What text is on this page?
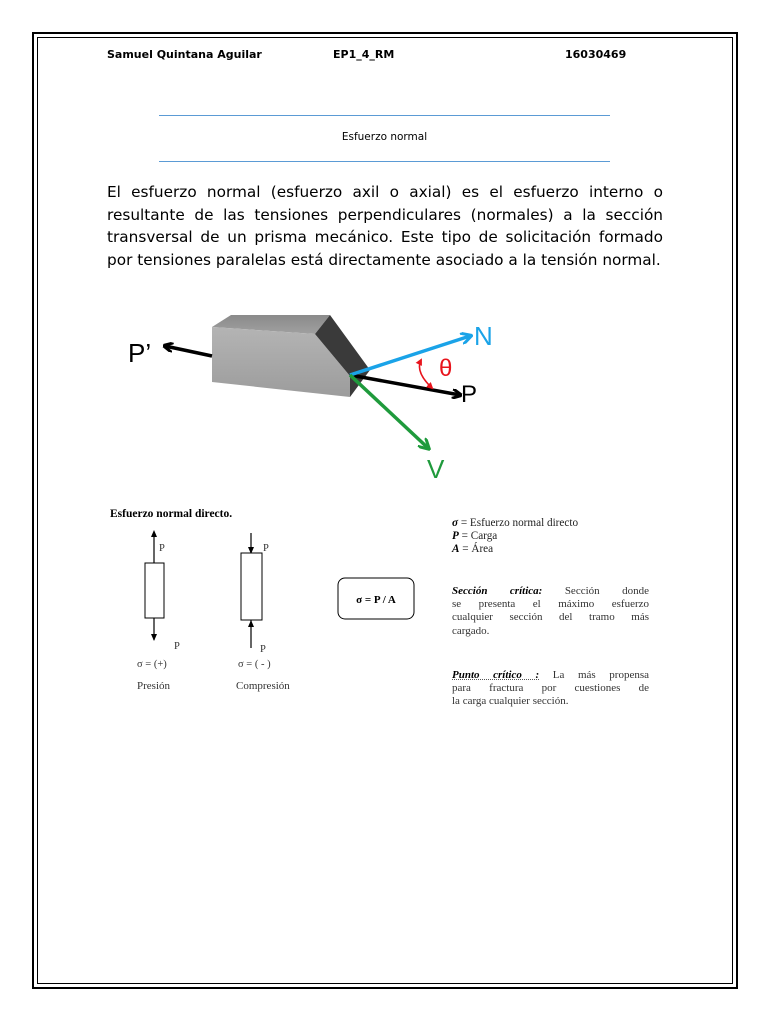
Samuel Quintana Aguilar	EP1_4_RM	16030469
Esfuerzo normal
El esfuerzo normal (esfuerzo axil o axial) es el esfuerzo interno o
resultante de las tensiones perpendiculares (normales) a la sección
transversal de un prisma mecánico. Este tipo de solicitación formado
por tensiones paralelas está directamente asociado a la tensión normal.
P’
N
θ
P
V
Esfuerzo normal directo.
P
P
σ = (+)
Presión
P
P
σ = ( - )
Compresión
σ = P / A
σ = Esfuerzo normal directo
P = Carga
A = Área
Sección crítica: Sección donde
se presenta el máximo esfuerzo
cualquier sección del tramo más
cargado.
Punto crítico : La más propensa
para fractura por cuestiones de
la carga cualquier sección.
